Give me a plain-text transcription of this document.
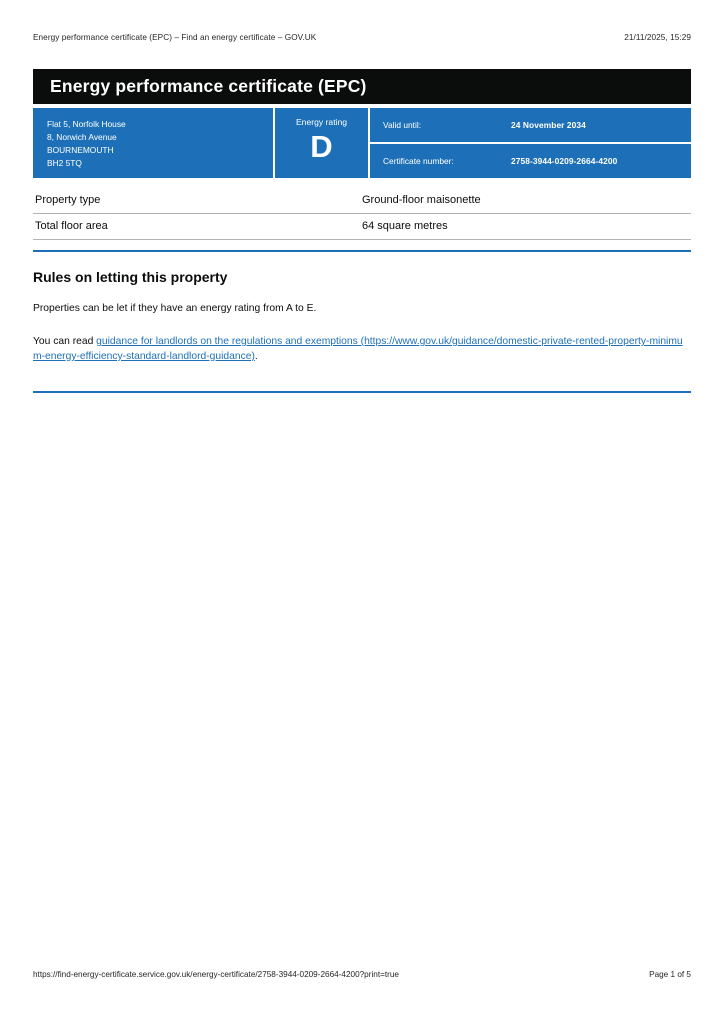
Energy performance certificate (EPC) – Find an energy certificate – GOV.UK	21/11/2025, 15:29
Energy performance certificate (EPC)
Flat 5, Norfolk House
8, Norwich Avenue
BOURNEMOUTH
BH2 5TQ
Energy rating
D
Valid until:	24 November 2034
Certificate number:	2758-3944-0209-2664-4200
Property type	Ground-floor maisonette
Total floor area	64 square metres
Rules on letting this property

Properties can be let if they have an energy rating from A to E.

You can read guidance for landlords on the regulations and exemptions (https://www.gov.uk/guidance/domestic-private-rented-property-minimum-energy-efficiency-standard-landlord-guidance).

https://find-energy-certificate.service.gov.uk/energy-certificate/2758-3944-0209-2664-4200?print=true	Page 1 of 5
